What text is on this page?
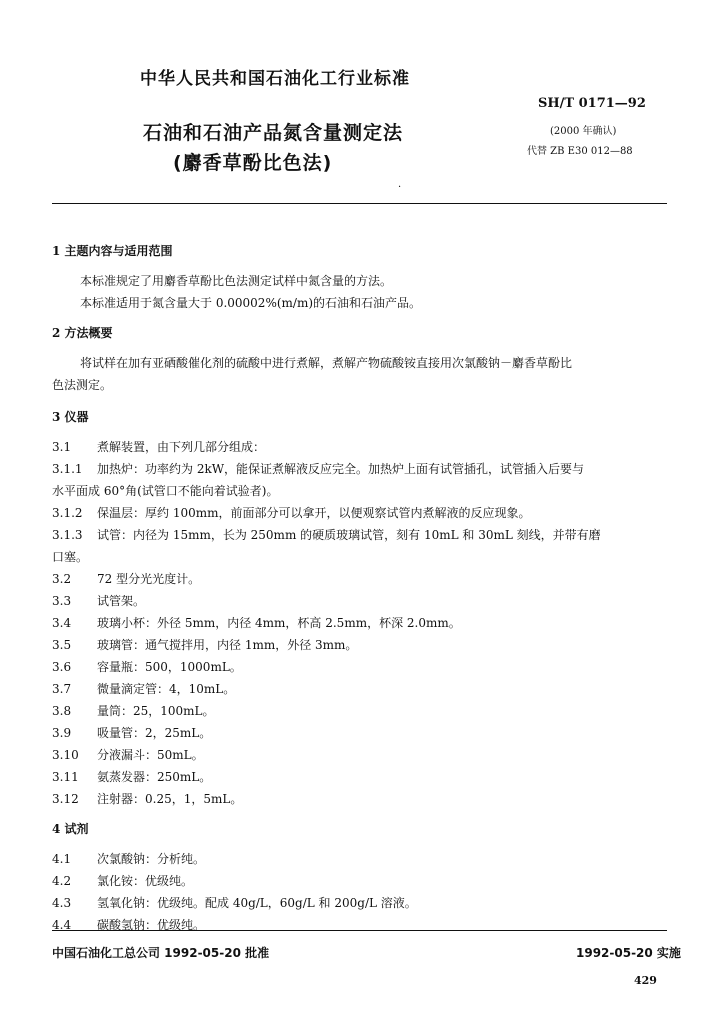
中华人民共和国石油化工行业标准
SH/T 0171—92
石油和石油产品氮含量测定法
(麝香草酚比色法)
(2000 年确认)
代替 ZB E30 012—88
·
1 主题内容与适用范围
本标准规定了用麝香草酚比色法测定试样中氮含量的方法。
本标准适用于氮含量大于 0.00002%(m/m)的石油和石油产品。
2 方法概要
将试样在加有亚硒酸催化剂的硫酸中进行煮解，煮解产物硫酸铵直接用次氯酸钠－麝香草酚比
色法测定。
3 仪器
3.1 煮解装置，由下列几部分组成：
3.1.1 加热炉：功率约为 2kW，能保证煮解液反应完全。加热炉上面有试管插孔，试管插入后要与
水平面成 60°角(试管口不能向着试验者)。
3.1.2 保温层：厚约 100mm，前面部分可以拿开，以便观察试管内煮解液的反应现象。
3.1.3 试管：内径为 15mm，长为 250mm 的硬质玻璃试管，刻有 10mL 和 30mL 刻线，并带有磨
口塞。
3.2 72 型分光光度计。
3.3 试管架。
3.4 玻璃小杯：外径 5mm，内径 4mm，杯高 2.5mm，杯深 2.0mm。
3.5 玻璃管：通气搅拌用，内径 1mm，外径 3mm。
3.6 容量瓶：500，1000mL。
3.7 微量滴定管：4，10mL。
3.8 量筒：25，100mL。
3.9 吸量管：2，25mL。
3.10 分液漏斗：50mL。
3.11 氨蒸发器：250mL。
3.12 注射器：0.25，1，5mL。
4 试剂
4.1 次氯酸钠：分析纯。
4.2 氯化铵：优级纯。
4.3 氢氧化钠：优级纯。配成 40g/L，60g/L 和 200g/L 溶液。
4.4 碳酸氢钠：优级纯。
中国石油化工总公司 1992-05-20 批准	1992-05-20 实施
429
